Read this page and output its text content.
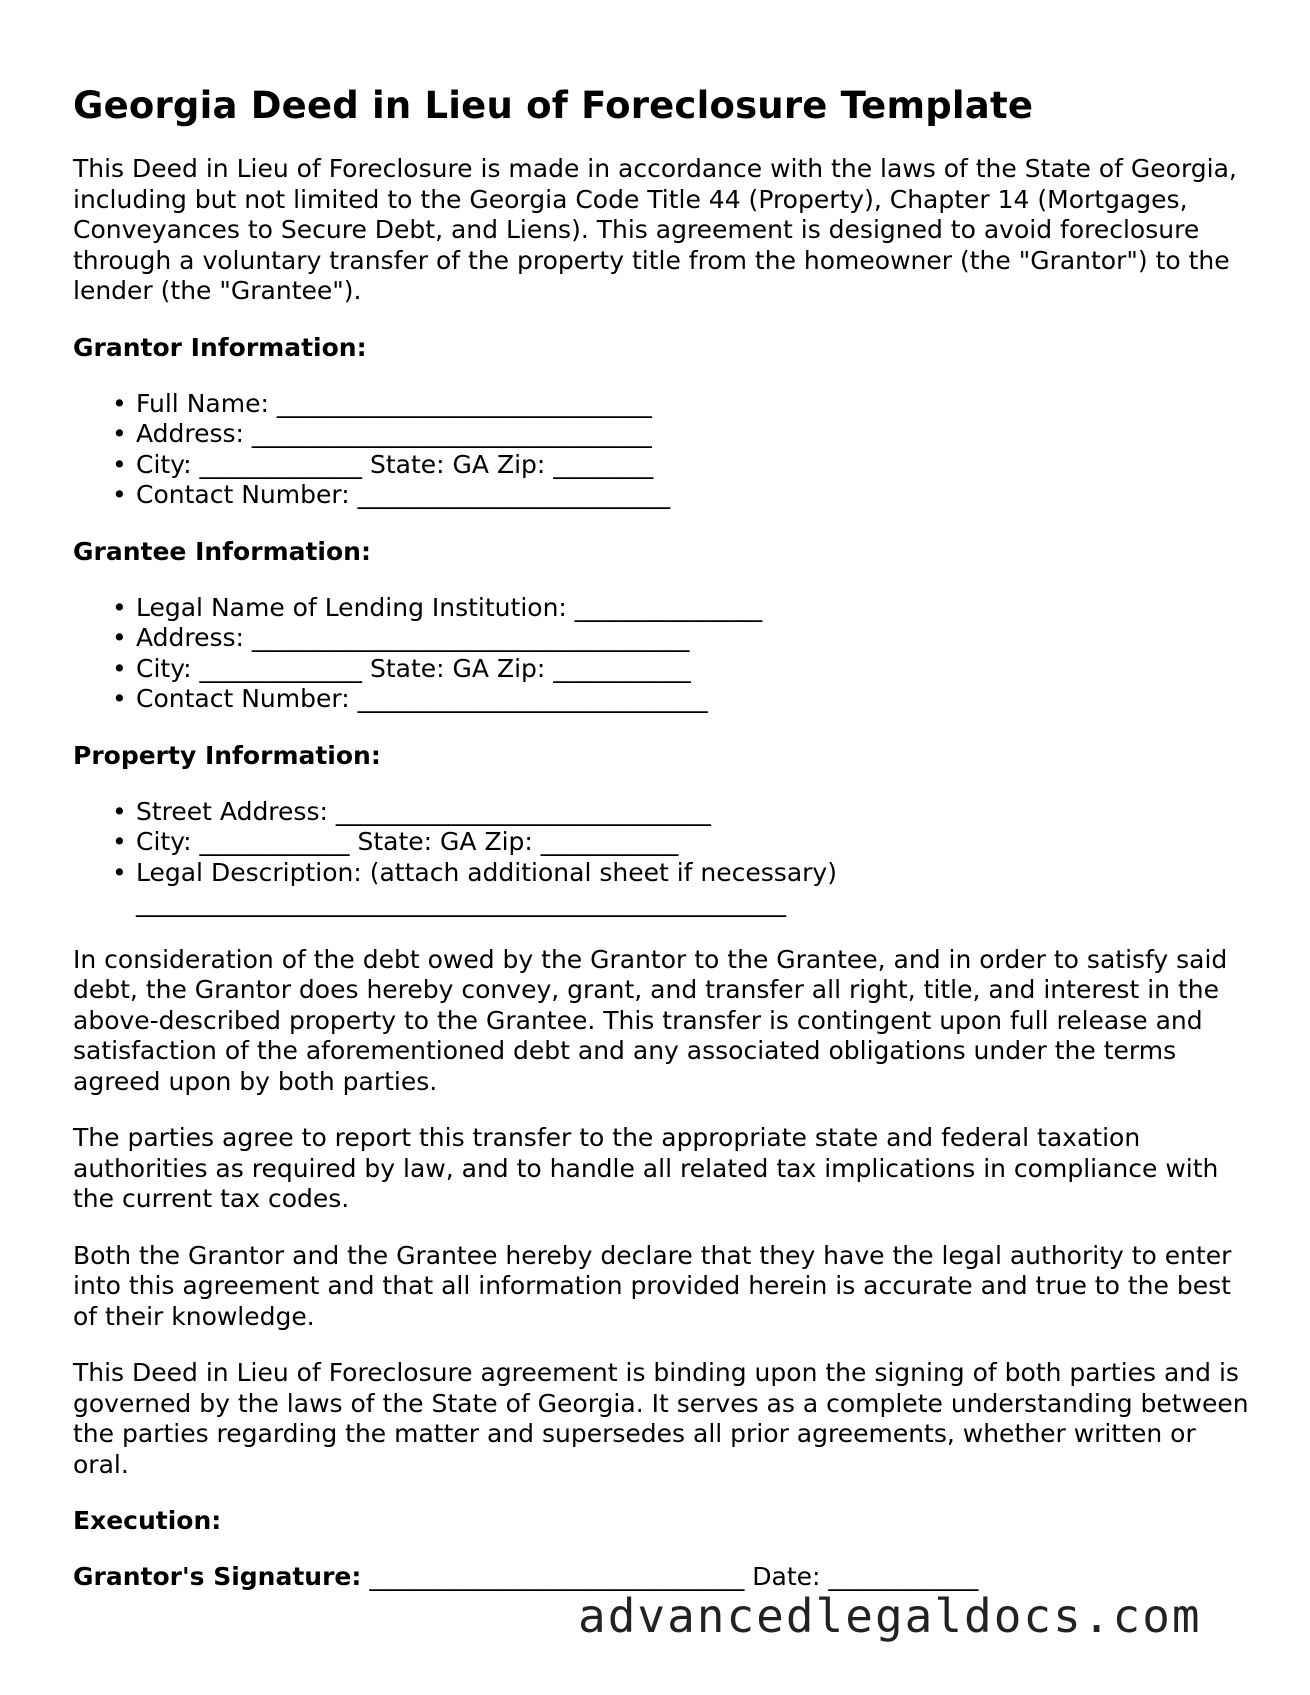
Georgia Deed in Lieu of Foreclosure Template

This Deed in Lieu of Foreclosure is made in accordance with the laws of the State of Georgia, including but not limited to the Georgia Code Title 44 (Property), Chapter 14 (Mortgages, Conveyances to Secure Debt, and Liens). This agreement is designed to avoid foreclosure through a voluntary transfer of the property title from the homeowner (the "Grantor") to the lender (the "Grantee").

Grantor Information:
• Full Name: ______________________________
• Address: ________________________________
• City: _____________ State: GA Zip: ________
• Contact Number: _________________________
Grantee Information:
• Legal Name of Lending Institution: _______________
• Address: ___________________________________
• City: _____________ State: GA Zip: ___________
• Contact Number: ____________________________
Property Information:
• Street Address: ______________________________
• City: ____________ State: GA Zip: ___________
• Legal Description: (attach additional sheet if necessary)
____________________________________________________

In consideration of the debt owed by the Grantor to the Grantee, and in order to satisfy said debt, the Grantor does hereby convey, grant, and transfer all right, title, and interest in the above-described property to the Grantee. This transfer is contingent upon full release and satisfaction of the aforementioned debt and any associated obligations under the terms agreed upon by both parties.

The parties agree to report this transfer to the appropriate state and federal taxation authorities as required by law, and to handle all related tax implications in compliance with the current tax codes.

Both the Grantor and the Grantee hereby declare that they have the legal authority to enter into this agreement and that all information provided herein is accurate and true to the best of their knowledge.

This Deed in Lieu of Foreclosure agreement is binding upon the signing of both parties and is governed by the laws of the State of Georgia. It serves as a complete understanding between the parties regarding the matter and supersedes all prior agreements, whether written or oral.

Execution:
Grantor's Signature: ______________________________ Date: ____________
advancedlegaldocs.com
